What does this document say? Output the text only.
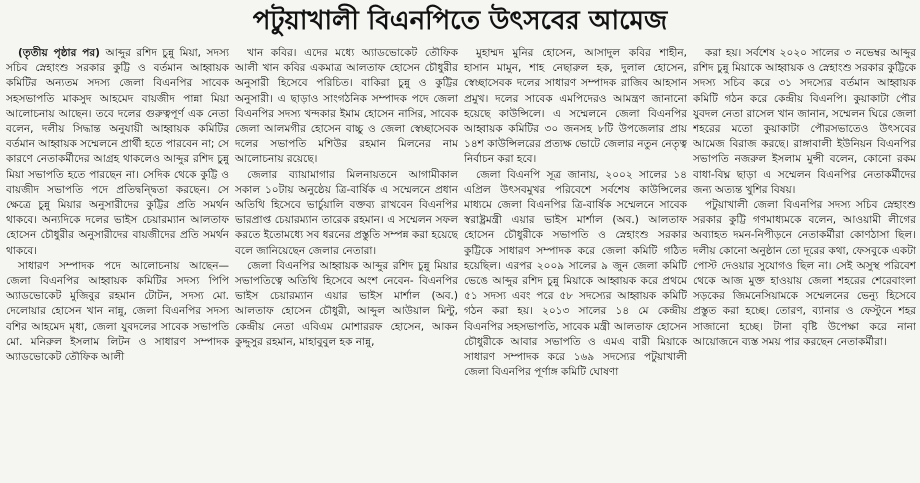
পটুয়াখালী বিএনপিতে উৎসবের আমেজ

(তৃতীয় পৃষ্ঠার পর) আব্দুর রশিদ চুন্নু মিয়া, সদস্য সচিব স্নেহাংশু সরকার কুট্টি ও বর্তমান আহ্বায়ক কমিটির অন্যতম সদস্য জেলা বিএনপির সাবেক সহসভাপতি মাকসুদ আহমেদ বায়জীদ পান্না মিয়া আলোচনায় আছেন। তবে দলের গুরুত্বপূর্ণ এক নেতা বলেন, দলীয় সিদ্ধান্ত অনুযায়ী আহ্বায়ক কমিটির বর্তমান আহ্বায়ক সম্মেলনে প্রার্থী হতে পারবেন না; সে কারণে নেতাকর্মীদের আগ্রহ থাকলেও আব্দুর রশিদ চুন্নু মিয়া সভাপতি হতে পারছেন না। সেদিক থেকে কুট্টি ও বায়জীদ সভাপতি পদে প্রতিদ্বন্দ্বিতা করছেন। সে ক্ষেত্রে চুন্নু মিয়ার অনুসারীদের কুট্টির প্রতি সমর্থন থাকবে। অন্যদিকে দলের ভাইস চেয়ারম্যান আলতাফ হোসেন চৌধুরীর অনুসারীদের বায়জীদের প্রতি সমর্থন থাকবে।

সাধারণ সম্পাদক পদে আলোচনায় আছেন— জেলা বিএনপির আহ্বায়ক কমিটির সদস্য পিপি অ্যাডভোকেট মুজিবুর রহমান টোটন, সদস্য মো. দেলোয়ার হোসেন খান নান্নু, জেলা বিএনপির সদস্য বশির আহমেদ মৃধা, জেলা যুবদলের সাবেক সভাপতি মো. মনিরুল ইসলাম লিটন ও সাধারণ সম্পাদক অ্যাডভোকেট তৌফিক আলী

খান কবির। এদের মধ্যে অ্যাডভোকেট তৌফিক আলী খান কবির একমাত্র আলতাফ হোসেন চৌধুরীর অনুসারী হিসেবে পরিচিত। বাকিরা চুন্নু ও কুট্টির অনুসারী। এ ছাড়াও সাংগঠনিক সম্পাদক পদে জেলা বিএনপির সদস্য খন্দকার ইমাম হোসেন নাসির, সাবেক জেলা আলমগীর হোসেন বাচ্চু ও জেলা স্বেচ্ছাসেবক দলের সভাপতি মশিউর রহমান মিলনের নাম আলোচনায় রয়েছে।

জেলার ব্যায়ামাগার মিলনায়তনে আগামীকাল সকাল ১০টায় অনুষ্ঠেয় ত্রি-বার্ষিক এ সম্মেলনে প্রধান অতিথি হিসেবে ভার্চুয়ালি বক্তব্য রাখবেন বিএনপির ভারপ্রাপ্ত চেয়ারম্যান তারেক রহমান। এ সম্মেলন সফল করতে ইতোমধ্যে সব ধরনের প্রস্তুতি সম্পন্ন করা হয়েছে বলে জানিয়েছেন জেলার নেতারা।

জেলা বিএনপির আহ্বায়ক আব্দুর রশিদ চুন্নু মিয়ার সভাপতিত্বে অতিথি হিসেবে অংশ নেবেন- বিএনপির ভাইস চেয়ারম্যান এয়ার ভাইস মার্শাল (অব.) আলতাফ হোসেন চৌধুরী, আব্দুল আউয়াল মিন্টু, কেন্দ্রীয় নেতা এবিএম মোশাররফ হোসেন, আকন কুদ্দুসুর রহমান, মাহাবুবুল হক নান্নু,

মুহাম্মদ মুনির হোসেন, আসাদুল কবির শাহীন, হাসান মামুন, শাহ নেছারুল হক, দুলাল হোসেন, স্বেচ্ছাসেবক দলের সাধারণ সম্পাদক রাজিব আহসান প্রমুখ। দলের সাবেক এমপিদেরও আমন্ত্রণ জানানো হয়েছে কাউন্সিলে। এ সম্মেলনে জেলা বিএনপির আহ্বায়ক কমিটির ৩০ জনসহ ৮টি উপজেলার প্রায় ১৪শ কাউন্সিলরের প্রত্যক্ষ ভোটে জেলার নতুন নেতৃত্ব নির্বাচন করা হবে।

জেলা বিএনপি সূত্র জানায়, ২০০২ সালের ১৪ এপ্রিল উৎসবমুখর পরিবেশে সর্বশেষ কাউন্সিলের মাধ্যমে জেলা বিএনপির ত্রি-বার্ষিক সম্মেলনে সাবেক স্বরাষ্ট্রমন্ত্রী এয়ার ভাইস মার্শাল (অব.) আলতাফ হোসেন চৌধুরীকে সভাপতি ও স্নেহাংশু সরকার কুট্টিকে সাধারণ সম্পাদক করে জেলা কমিটি গঠিত হয়েছিল। এরপর ২০০৯ সালের ৯ জুন জেলা কমিটি ভেঙে আব্দুর রশিদ চুন্নু মিয়াকে আহ্বায়ক করে প্রথমে ৫১ সদস্য এবং পরে ৫৮ সদস্যের আহ্বায়ক কমিটি গঠন করা হয়। ২০১৩ সালের ১৪ মে কেন্দ্রীয় বিএনপির সহসভাপতি, সাবেক মন্ত্রী আলতাফ হোসেন চৌধুরীকে আবার সভাপতি ও এমএ বারী মিয়াকে সাধারণ সম্পাদক করে ১৬৯ সদস্যের পটুয়াখালী জেলা বিএনপির পূর্ণাঙ্গ কমিটি ঘোষণা

করা হয়। সর্বশেষ ২০২০ সালের ৩ নভেম্বর আব্দুর রশিদ চুন্নু মিয়াকে আহ্বায়ক ও স্নেহাংশু সরকার কুট্টিকে সদস্য সচিব করে ৩১ সদস্যের বর্তমান আহ্বায়ক কমিটি গঠন করে কেন্দ্রীয় বিএনপি। কুয়াকাটা পৌর যুবদল নেতা রাসেল খান জানান, সম্মেলন ঘিরে জেলা শহরের মতো কুয়াকাটা পৌরসভাতেও উৎসবের আমেজ বিরাজ করছে। রাঙ্গাবালী ইউনিয়ন বিএনপির সভাপতি নজরুল ইসলাম মুন্সী বলেন, কোনো রকম বাধা-বিঘ্ন ছাড়া এ সম্মেলন বিএনপির নেতাকর্মীদের জন্য অত্যন্ত খুশির বিষয়।

পটুয়াখালী জেলা বিএনপির সদস্য সচিব স্নেহাংশু সরকার কুট্টি গণমাধ্যমকে বলেন, আওয়ামী লীগের অব্যাহত দমন-নিপীড়নে নেতাকর্মীরা কোণঠাসা ছিল। দলীয় কোনো অনুষ্ঠান তো দূরের কথা, ফেসবুকে একটা পোস্ট দেওয়ার সুযোগও ছিল না। সেই অসুস্থ পরিবেশ থেকে আজ মুক্ত হাওয়ায় জেলা শহরের শেরেবাংলা সড়কের জিমনেসিয়ামকে সম্মেলনের ভেন্যু হিসেবে প্রস্তুত করা হচ্ছে। তোরণ, ব্যানার ও ফেস্টুনে শহর সাজানো হচ্ছে। টানা বৃষ্টি উপেক্ষা করে নানা আয়োজনে ব্যস্ত সময় পার করছেন নেতাকর্মীরা।
